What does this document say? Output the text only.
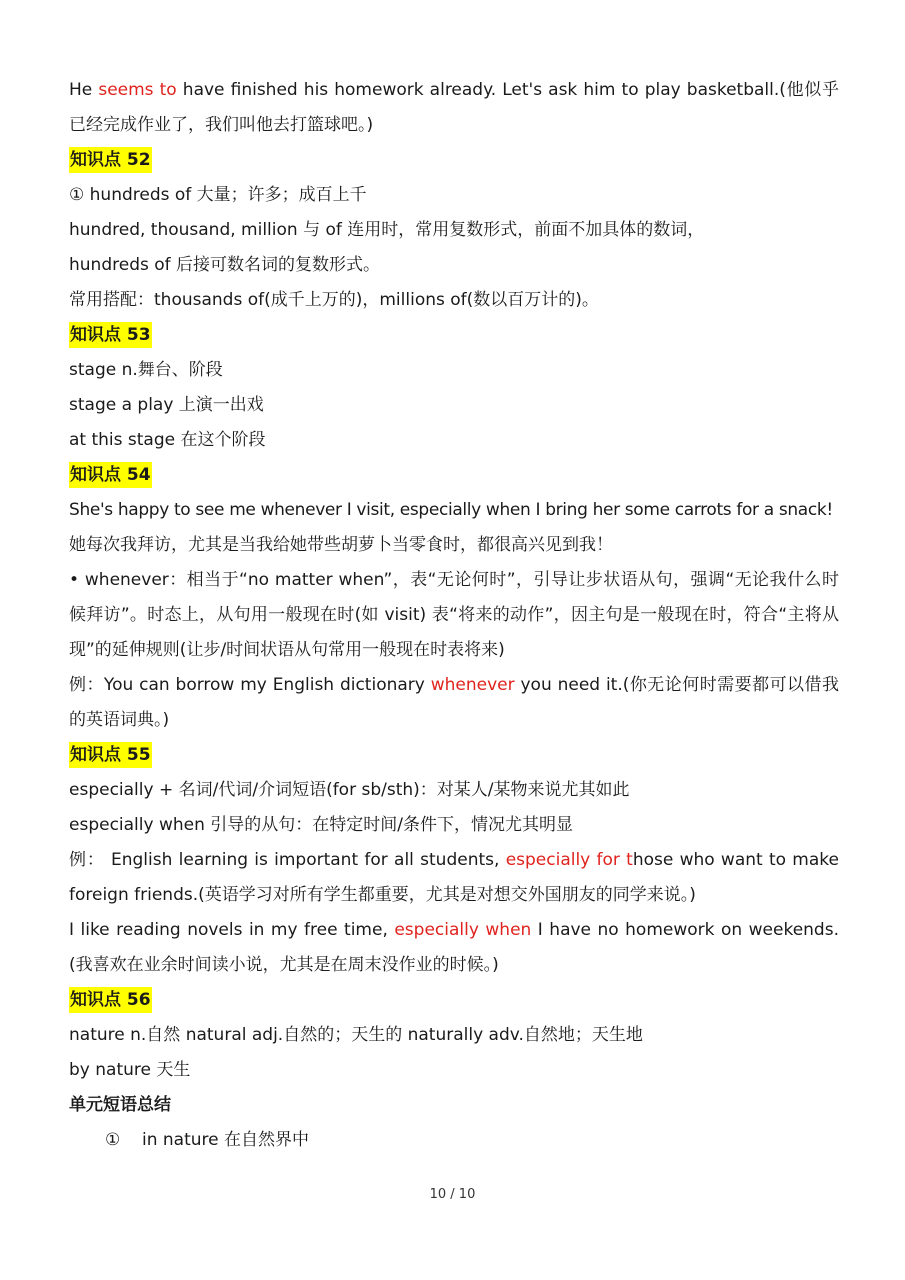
He seems to have finished his homework already. Let's ask him to play basketball.(他似乎已经完成作业了，我们叫他去打篮球吧。)

知识点 52

① hundreds of 大量；许多；成百上千

hundred, thousand, million 与 of 连用时，常用复数形式，前面不加具体的数词，

hundreds of 后接可数名词的复数形式。

常用搭配：thousands of(成千上万的)，millions of(数以百万计的)。

知识点 53

stage n.舞台、阶段

stage a play 上演一出戏

at this stage 在这个阶段

知识点 54

She's happy to see me whenever I visit, especially when I bring her some carrots for a snack!

她每次我拜访，尤其是当我给她带些胡萝卜当零食时，都很高兴见到我！

• whenever：相当于“no matter when”，表“无论何时”，引导让步状语从句，强调“无论我什么时候拜访”。时态上，从句用一般现在时(如 visit) 表“将来的动作”，因主句是一般现在时，符合“主将从现”的延伸规则(让步/时间状语从句常用一般现在时表将来)

例：You can borrow my English dictionary whenever you need it.(你无论何时需要都可以借我的英语词典。)

知识点 55

especially + 名词/代词/介词短语(for sb/sth)：对某人/某物来说尤其如此

especially when 引导的从句：在特定时间/条件下，情况尤其明显

例： English learning is important for all students, especially for those who want to make foreign friends.(英语学习对所有学生都重要，尤其是对想交外国朋友的同学来说。)

I like reading novels in my free time, especially when I have no homework on weekends.(我喜欢在业余时间读小说，尤其是在周末没作业的时候。)

知识点 56

nature n.自然 natural adj.自然的；天生的 naturally adv.自然地；天生地

by nature 天生

单元短语总结

① in nature 在自然界中

10 / 10
